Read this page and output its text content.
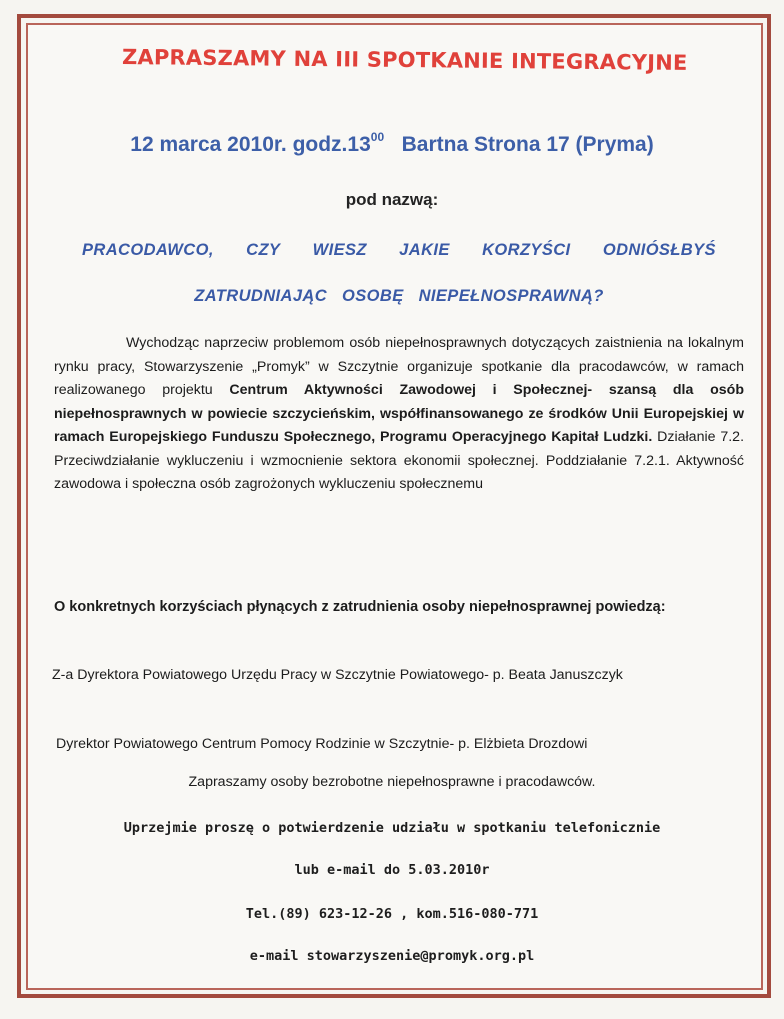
ZAPRASZAMY NA III SPOTKANIE INTEGRACYJNE
12 marca 2010r. $godz.13^{00}$ Bartna Strona 17 (Pryma)
pod nazwą:
PRACODAWCO, CZY WIESZ JAKIE KORZYŚCI ODNIÓSŁBYŚ
ZATRUDNIAJĄC OSOBĘ NIEPEŁNOSPRAWNĄ?

Wychodząc naprzeciw problemom osób niepełnosprawnych dotyczących zaistnienia na lokalnym rynku pracy, Stowarzyszenie „Promyk” w Szczytnie organizuje spotkanie dla pracodawców, w ramach realizowanego projektu Centrum Aktywności Zawodowej i Społecznej- szansą dla osób niepełnosprawnych w powiecie szczycieńskim, współfinansowanego ze środków Unii Europejskiej w ramach Europejskiego Funduszu Społecznego, Programu Operacyjnego Kapitał Ludzki. Działanie 7.2. Przeciwdziałanie wykluczeniu i wzmocnienie sektora ekonomii społecznej. Poddziałanie 7.2.1. Aktywność zawodowa i społeczna osób zagrożonych wykluczeniu społecznemu

O konkretnych korzyściach płynących z zatrudnienia osoby niepełnosprawnej powiedzą:
Z-a Dyrektora Powiatowego Urzędu Pracy w Szczytnie Powiatowego- p. Beata Januszczyk
Dyrektor Powiatowego Centrum Pomocy Rodzinie w Szczytnie- p. Elżbieta Drozdowi
Zapraszamy osoby bezrobotne niepełnosprawne i pracodawców.
Uprzejmie proszę o potwierdzenie udziału w spotkaniu telefonicznie
lub e-mail do 5.03.2010r
Tel.(89) 623-12-26 , kom.516-080-771
e-mail stowarzyszenie@promyk.org.pl
